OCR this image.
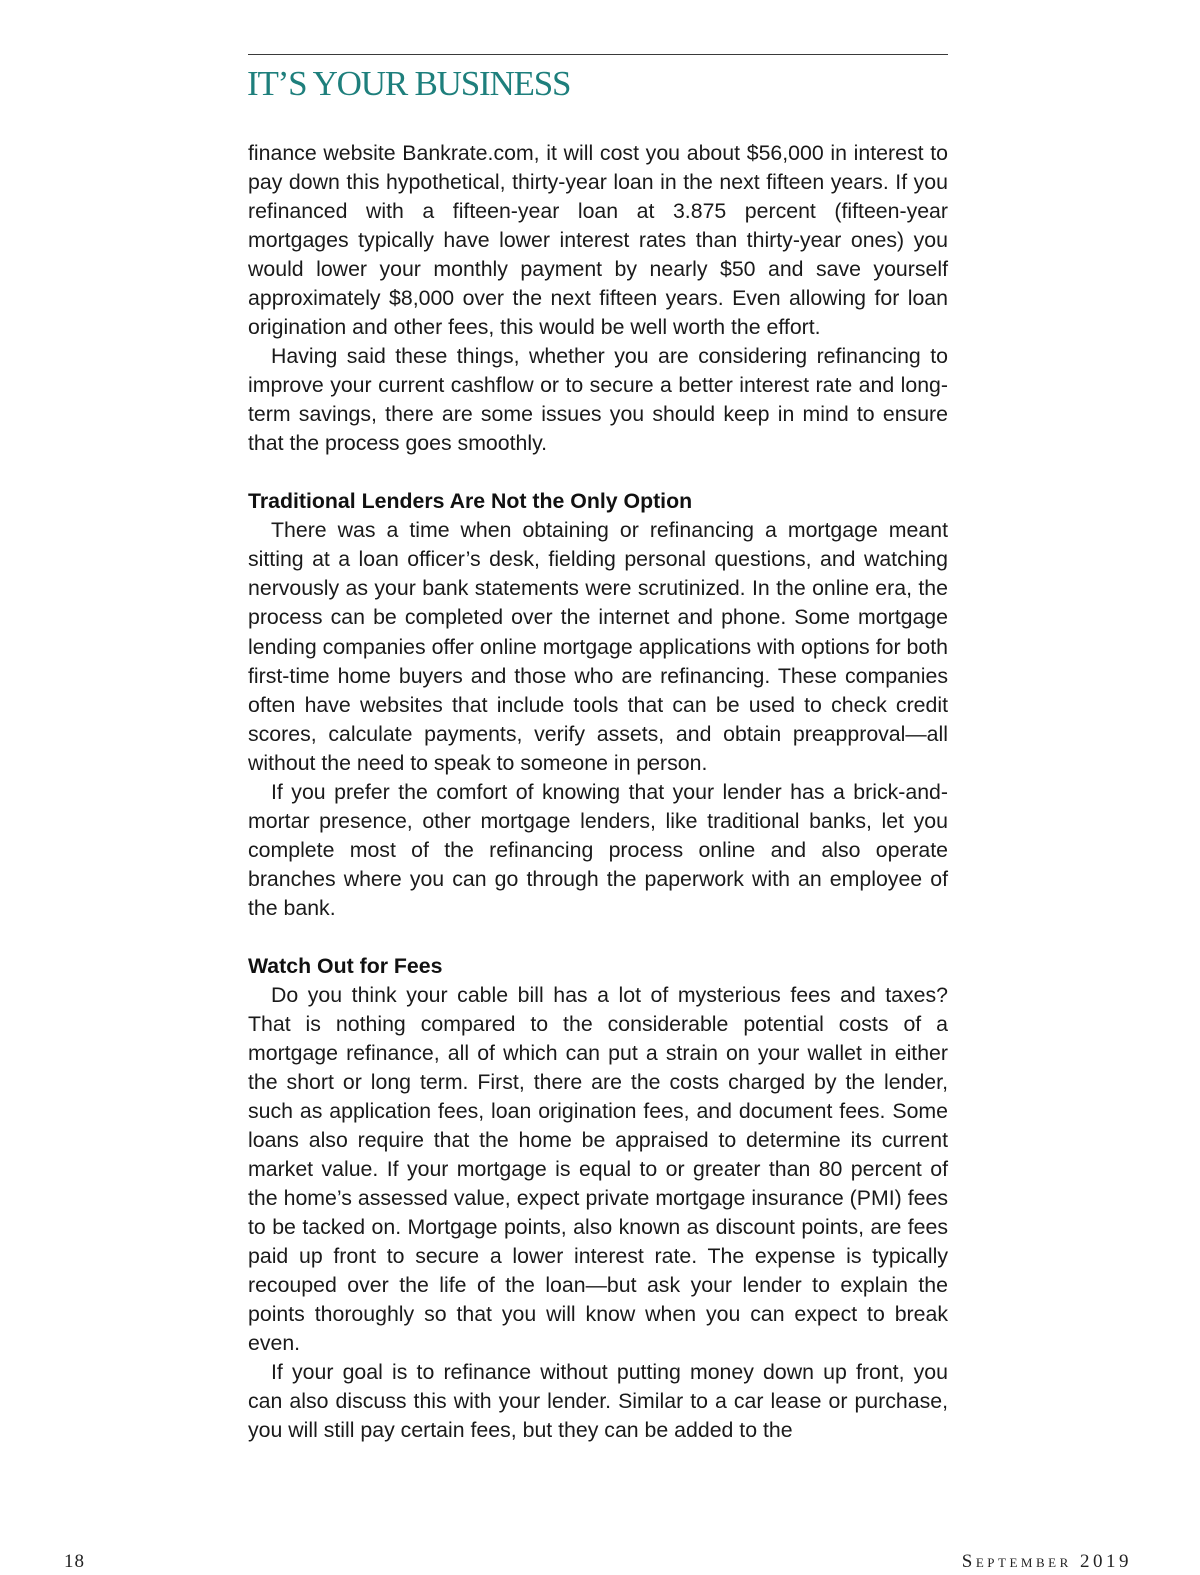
IT’S YOUR BUSINESS

finance website Bankrate.com, it will cost you about $56,000 in interest to pay down this hypothetical, thirty-year loan in the next fifteen years. If you refinanced with a fifteen-year loan at 3.875 percent (fifteen-year mortgages typically have lower interest rates than thirty-year ones) you would lower your monthly payment by nearly $50 and save yourself approximately $8,000 over the next fifteen years. Even allowing for loan origination and other fees, this would be well worth the effort.

Having said these things, whether you are considering refinancing to improve your current cashflow or to secure a better interest rate and long-term savings, there are some issues you should keep in mind to ensure that the process goes smoothly.

Traditional Lenders Are Not the Only Option

There was a time when obtaining or refinancing a mortgage meant sitting at a loan officer’s desk, fielding personal questions, and watching nervously as your bank statements were scrutinized. In the online era, the process can be completed over the internet and phone. Some mortgage lending companies offer online mortgage applications with options for both first-time home buyers and those who are refinancing. These companies often have websites that include tools that can be used to check credit scores, calculate payments, verify assets, and obtain preapproval—all without the need to speak to someone in person.

If you prefer the comfort of knowing that your lender has a brick-and-mortar presence, other mortgage lenders, like traditional banks, let you complete most of the refinancing process online and also operate branches where you can go through the paperwork with an employee of the bank.

Watch Out for Fees

Do you think your cable bill has a lot of mysterious fees and taxes? That is nothing compared to the considerable potential costs of a mortgage refinance, all of which can put a strain on your wallet in either the short or long term. First, there are the costs charged by the lender, such as application fees, loan origination fees, and document fees. Some loans also require that the home be appraised to determine its current market value. If your mortgage is equal to or greater than 80 percent of the home’s assessed value, expect private mortgage insurance (PMI) fees to be tacked on. Mortgage points, also known as discount points, are fees paid up front to secure a lower interest rate. The expense is typically recouped over the life of the loan—but ask your lender to explain the points thoroughly so that you will know when you can expect to break even.

If your goal is to refinance without putting money down up front, you can also discuss this with your lender. Similar to a car lease or purchase, you will still pay certain fees, but they can be added to the

18	September 2019
